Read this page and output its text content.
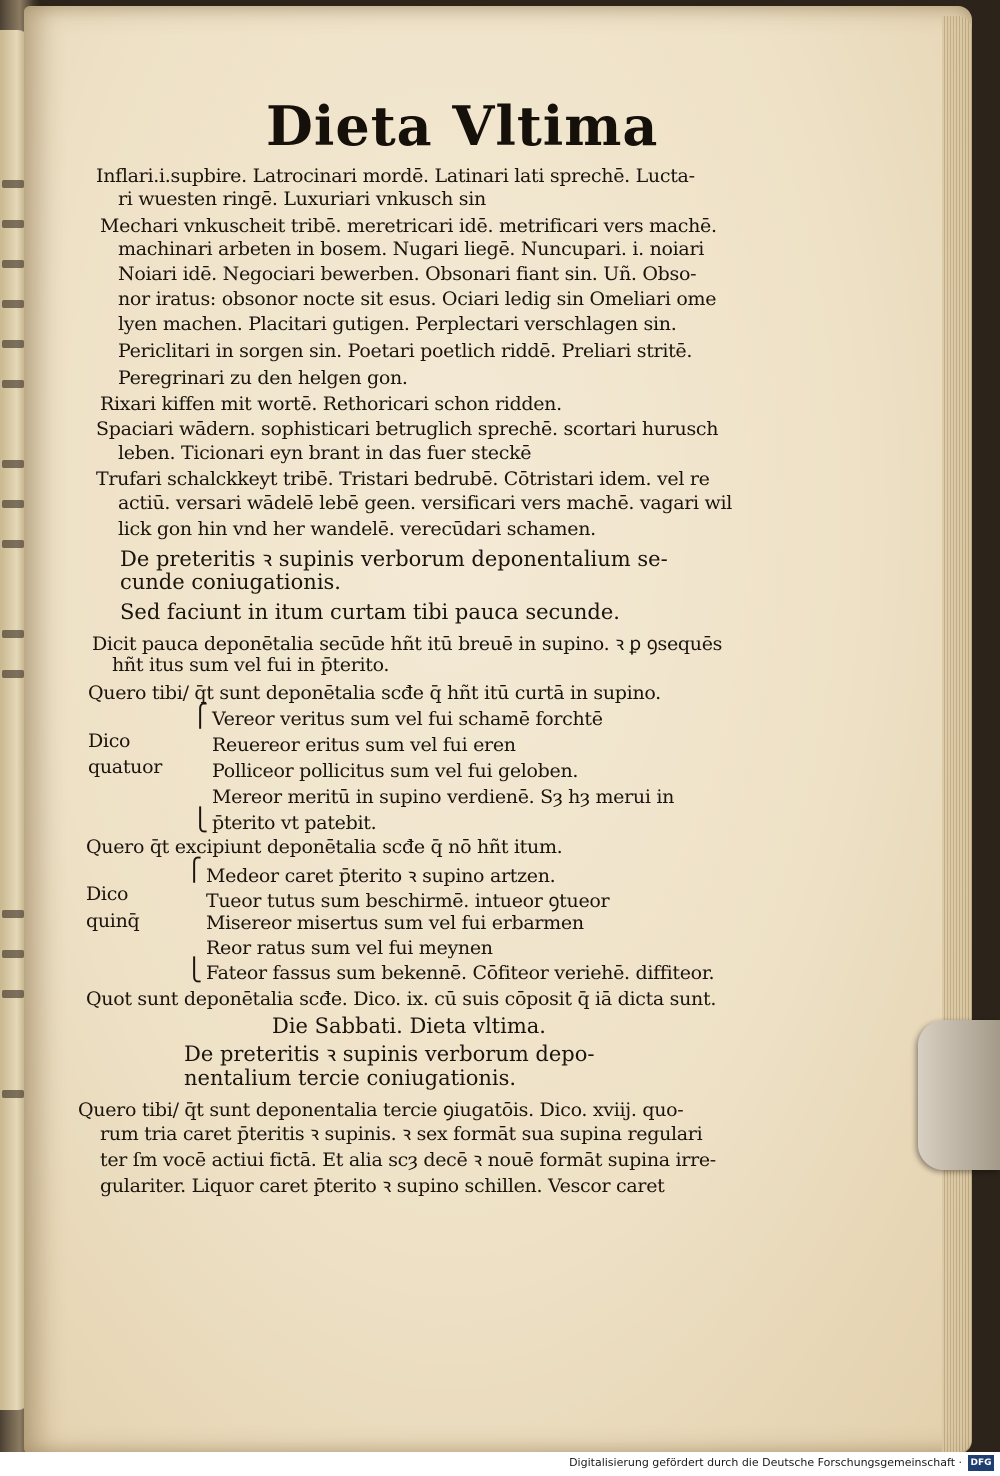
Dieta Vltima
Inflari.i.supbire. Latrocinari mordē. Latinari lati sprechē. Lucta-
ri wuesten ringē. Luxuriari vnkusch sin
Mechari vnkuscheit tribē. meretricari idē. metrificari vers machē.
machinari arbeten in bosem. Nugari liegē. Nuncupari. i. noiari
Noiari idē. Negociari bewerben. Obsonari fiant sin. Uñ. Obso-
nor iratus: obsonor nocte sit esus. Ociari ledig sin Omeliari ome
lyen machen. Placitari gutigen. Perplectari verschlagen sin.
Periclitari in sorgen sin. Poetari poetlich riddē. Preliari stritē.
Peregrinari zu den helgen gon.
Rixari kiffen mit wortē. Rethoricari schon ridden.
Spaciari wādern. sophisticari betruglich sprechē. scortari hurusch
leben. Ticionari eyn brant in das fuer steckē
Trufari schalckkeyt tribē. Tristari bedrubē. Cōtristari idem. vel re
actiū. versari wādelē lebē geen. versificari vers machē. vagari wil
lick gon hin vnd her wandelē. verecūdari schamen.
De preteritis ꝛ supinis verborum deponentalium se-
cunde coniugationis.
Sed faciunt in itum curtam tibi pauca secunde.
Dicit pauca deponētalia secūde hñt itū breuē in supino. ꝛ ꝑ ꝯsequēs
hñt itus sum vel fui in p̄terito.
Quero tibi/ q̄t sunt deponētalia scđe q̄ hñt itū curtā in supino.
⎧ Vereor veritus sum vel fui schamē forchtē
Dico	Reuereor eritus sum vel fui eren
quatuor	Polliceor pollicitus sum vel fui geloben.
Mereor meritū in supino verdienē. Sȝ hȝ merui in
⎩ p̄terito vt patebit.
Quero q̄t excipiunt deponētalia scđe q̄ nō hñt itum.
⎧ Medeor caret p̄terito ꝛ supino artzen.
Dico	Tueor tutus sum beschirmē. intueor ꝯtueor
quinq̄	Misereor misertus sum vel fui erbarmen
Reor ratus sum vel fui meynen
⎩ Fateor fassus sum bekennē. Cōfiteor veriehē. diffiteor.
Quot sunt deponētalia scđe. Dico. ix. cū suis cōposit q̄ iā dicta sunt.
Die Sabbati. Dieta vltima.
De preteritis ꝛ supinis verborum depo-
nentalium tercie coniugationis.
Quero tibi/ q̄t sunt deponentalia tercie ꝯiugatōis. Dico. xviij. quo-
rum tria caret p̄teritis ꝛ supinis. ꝛ sex formāt sua supina regulari
ter ſm vocē actiui fictā. Et alia scȝ decē ꝛ nouē formāt supina irre-
gulariter. Liquor caret p̄terito ꝛ supino schillen. Vescor caret
Digitalisierung gefördert durch die Deutsche Forschungsgemeinschaft · DFG
